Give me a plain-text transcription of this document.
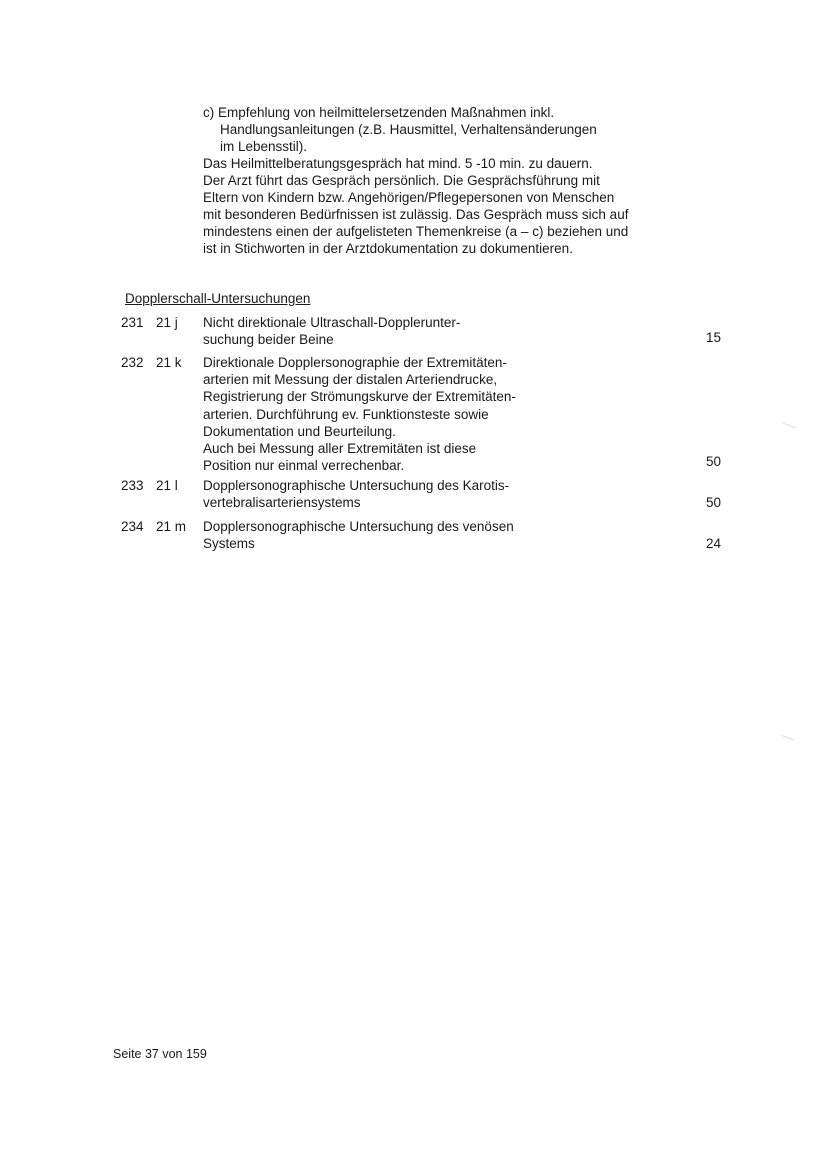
c) Empfehlung von heilmittelersetzenden Maßnahmen inkl.
Handlungsanleitungen (z.B. Hausmittel, Verhaltensänderungen
im Lebensstil).
Das Heilmittelberatungsgespräch hat mind. 5 -10 min. zu dauern.
Der Arzt führt das Gespräch persönlich. Die Gesprächsführung mit
Eltern von Kindern bzw. Angehörigen/Pflegepersonen von Menschen
mit besonderen Bedürfnissen ist zulässig. Das Gespräch muss sich auf
mindestens einen der aufgelisteten Themenkreise (a – c) beziehen und
ist in Stichworten in der Arztdokumentation zu dokumentieren.
Dopplerschall-Untersuchungen
231 21 j Nicht direktionale Ultraschall-Dopplerunter-
suchung beider Beine	15
232 21 k Direktionale Dopplersonographie der Extremitäten-
arterien mit Messung der distalen Arteriendrucke,
Registrierung der Strömungskurve der Extremitäten-
arterien. Durchführung ev. Funktionsteste sowie
Dokumentation und Beurteilung.
Auch bei Messung aller Extremitäten ist diese
Position nur einmal verrechenbar.	50
233 21 l Dopplersonographische Untersuchung des Karotis-
vertebralisarteriensystems	50
234 21 m Dopplersonographische Untersuchung des venösen
Systems	24
Seite 37 von 159
